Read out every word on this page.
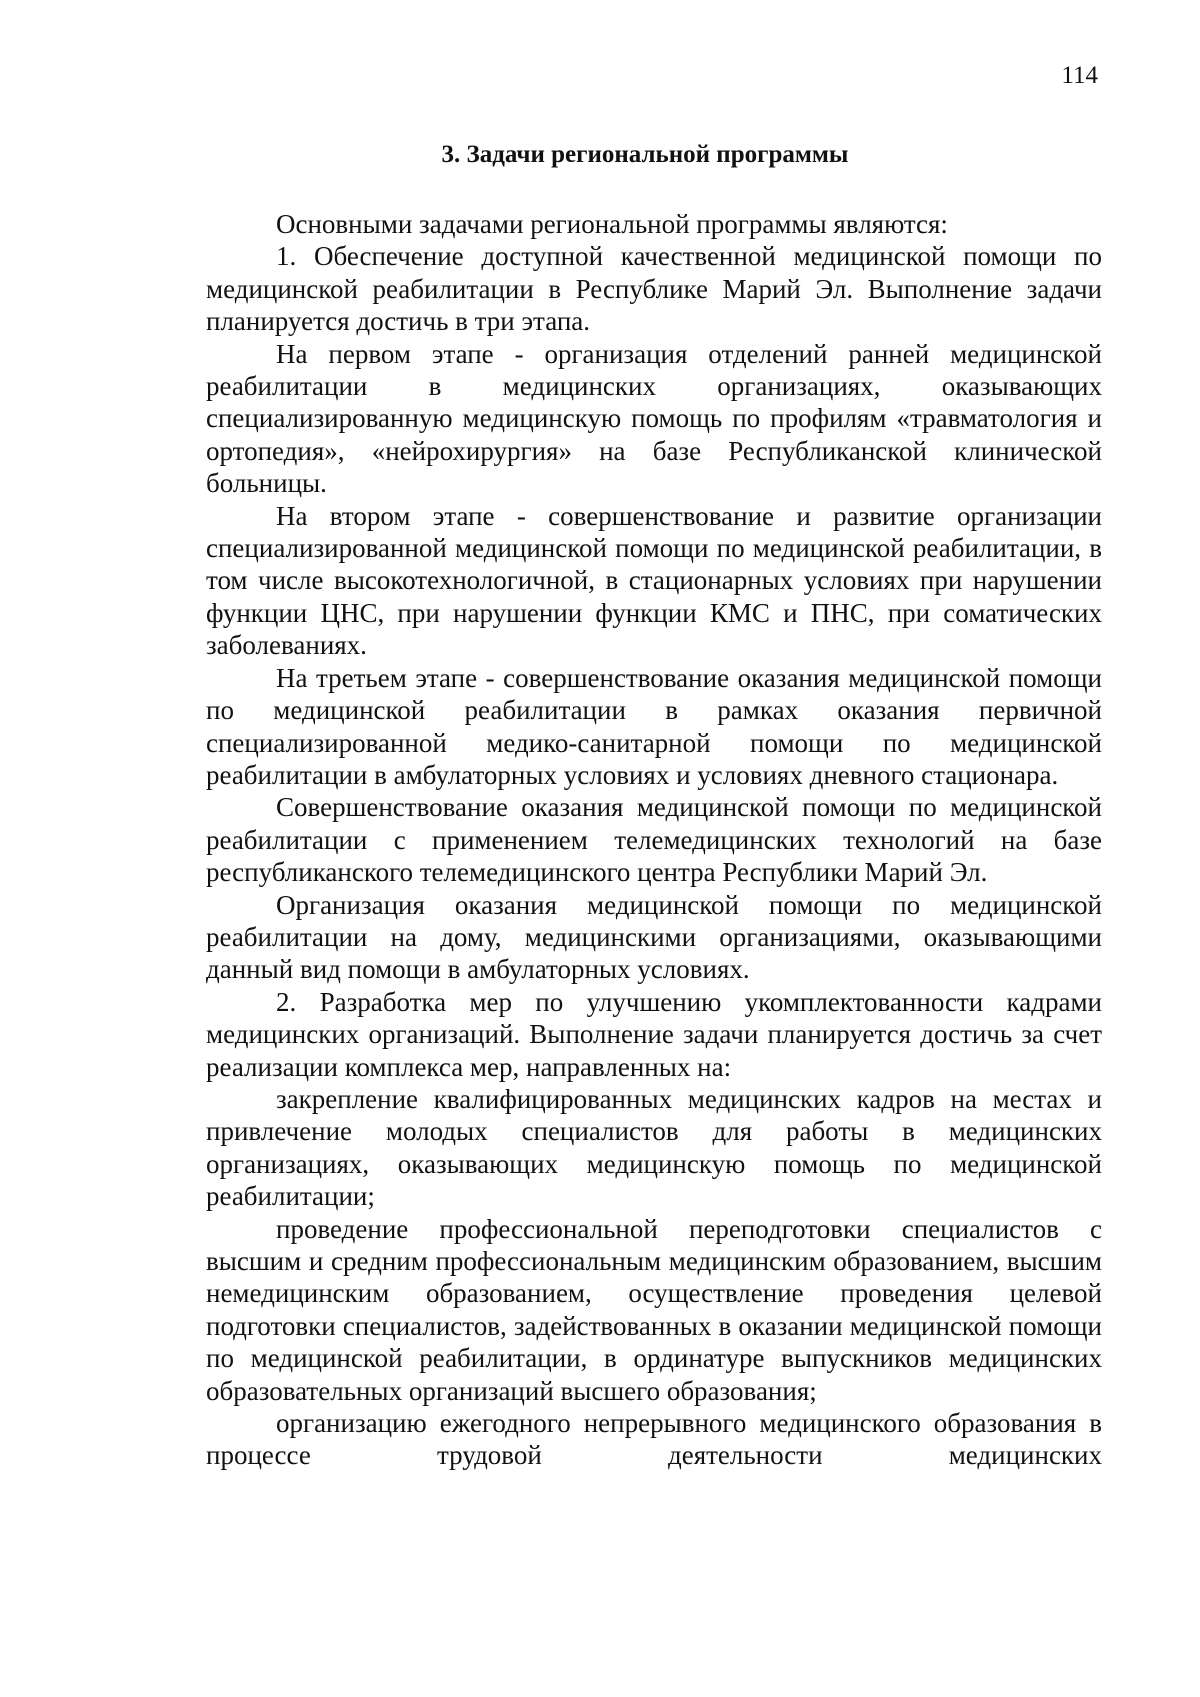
114
3. Задачи региональной программы

Основными задачами региональной программы являются:

1. Обеспечение доступной качественной медицинской помощи по медицинской реабилитации в Республике Марий Эл. Выполнение задачи планируется достичь в три этапа.

На первом этапе - организация отделений ранней медицинской реабилитации в медицинских организациях, оказывающих специализированную медицинскую помощь по профилям «травматология и ортопедия», «нейрохирургия» на базе Республиканской клинической больницы.

На втором этапе - совершенствование и развитие организации специализированной медицинской помощи по медицинской реабилитации, в том числе высокотехнологичной, в стационарных условиях при нарушении функции ЦНС, при нарушении функции КМС и ПНС, при соматических заболеваниях.

На третьем этапе - совершенствование оказания медицинской помощи по медицинской реабилитации в рамках оказания первичной специализированной медико-санитарной помощи по медицинской реабилитации в амбулаторных условиях и условиях дневного стационара.

Совершенствование оказания медицинской помощи по медицинской реабилитации с применением телемедицинских технологий на базе республиканского телемедицинского центра Республики Марий Эл.

Организация оказания медицинской помощи по медицинской реабилитации на дому, медицинскими организациями, оказывающими данный вид помощи в амбулаторных условиях.

2. Разработка мер по улучшению укомплектованности кадрами медицинских организаций. Выполнение задачи планируется достичь за счет реализации комплекса мер, направленных на:

закрепление квалифицированных медицинских кадров на местах и привлечение молодых специалистов для работы в медицинских организациях, оказывающих медицинскую помощь по медицинской реабилитации;

проведение профессиональной переподготовки специалистов с высшим и средним профессиональным медицинским образованием, высшим немедицинским образованием, осуществление проведения целевой подготовки специалистов, задействованных в оказании медицинской помощи по медицинской реабилитации, в ординатуре выпускников медицинских образовательных организаций высшего образования;

организацию ежегодного непрерывного медицинского образования в процессе трудовой деятельности медицинских
